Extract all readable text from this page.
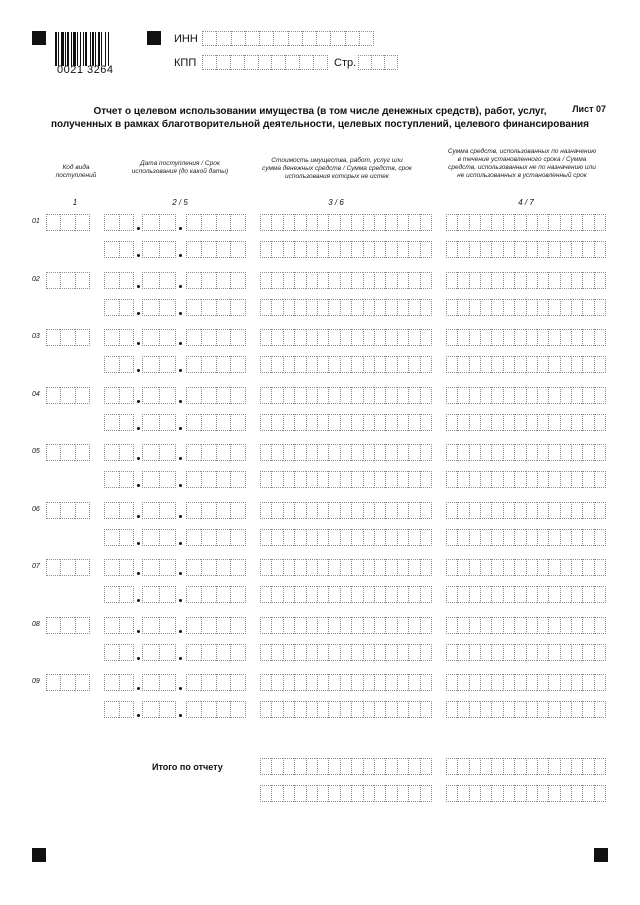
0021 3264
ИНН
КПП	Стр.
Лист 07
Отчет о целевом использовании имущества (в том числе денежных средств), работ, услуг,
полученных в рамках благотворительной деятельности, целевых поступлений, целевого финансирования
Код вида поступлений
Дата поступления / Срок использования (до какой даты)
Стоимость имущества, работ, услуг или сумма денежных средств / Сумма средств, срок использования которых не истек
Сумма средств, использованных по назначению в течение установленного срока / Сумма средств, использованных не по назначению или не использованных в установленный срок
1	2 / 5	3 / 6	4 / 7
01
02
03
04
05
06
07
08
09
Итого по отчету
